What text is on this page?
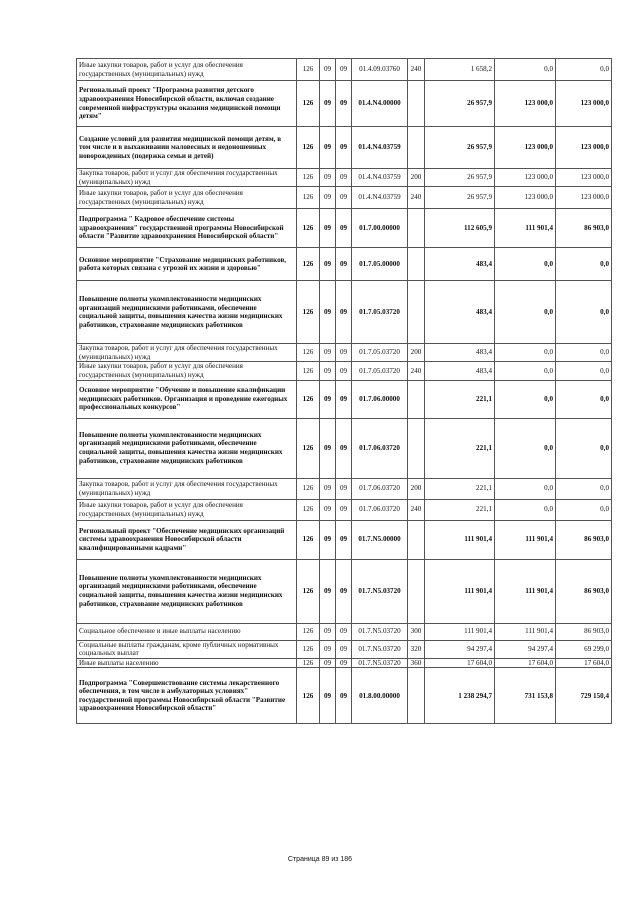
Иные закупки товаров, работ и услуг для обеспечения государственных (муниципальных) нужд	126	09	09	01.4.09.03760	240	1 658,2	0,0	0,0
Региональный проект "Программа развития детского здравоохранения Новосибирской области, включая создание современной инфраструктуры оказания медицинской помощи детям"	126	09	09	01.4.N4.00000		26 957,9	123 000,0	123 000,0
Создание условий для развития медицинской помощи детям, в том числе и в выхаживании маловесных и недоношенных новорожденных (подержка семьи и детей)	126	09	09	01.4.N4.03759		26 957,9	123 000,0	123 000,0
Закупка товаров, работ и услуг для обеспечения государственных (муниципальных) нужд	126	09	09	01.4.N4.03759	200	26 957,9	123 000,0	123 000,0
Иные закупки товаров, работ и услуг для обеспечения государственных (муниципальных) нужд	126	09	09	01.4.N4.03759	240	26 957,9	123 000,0	123 000,0
Подпрограмма " Кадровое обеспечение системы здравоохранения" государственной программы Новосибирской области "Развитие здравоохранения Новосибирской области"	126	09	09	01.7.00.00000		112 605,9	111 901,4	86 903,0
Основное мероприятие "Страхование медицинских работников, работа которых связана с угрозой их жизни и здоровью"	126	09	09	01.7.05.00000		483,4	0,0	0,0
Повышение полноты укомплектованности медицинских организаций медицинскими работниками, обеспечение социальной защиты, повышения качества жизни медицинских работников, страхование медицинских работников	126	09	09	01.7.05.03720		483,4	0,0	0,0
Закупка товаров, работ и услуг для обеспечения государственных (муниципальных) нужд	126	09	09	01.7.05.03720	200	483,4	0,0	0,0
Иные закупки товаров, работ и услуг для обеспечения государственных (муниципальных) нужд	126	09	09	01.7.05.03720	240	483,4	0,0	0,0
Основное мероприятие "Обучение и повышение квалификации медицинских работников. Организация и проведение ежегодных профессиональных конкурсов"	126	09	09	01.7.06.00000		221,1	0,0	0,0
Повышение полноты укомплектованности медицинских организаций медицинскими работниками, обеспечение социальной защиты, повышения качества жизни медицинских работников, страхование медицинских работников	126	09	09	01.7.06.03720		221,1	0,0	0,0
Закупка товаров, работ и услуг для обеспечения государственных (муниципальных) нужд	126	09	09	01.7.06.03720	200	221,1	0,0	0,0
Иные закупки товаров, работ и услуг для обеспечения государственных (муниципальных) нужд	126	09	09	01.7.06.03720	240	221,1	0,0	0,0
Региональный проект "Обеспечение медицинских организаций системы здравоохранения Новосибирской области квалифицированными кадрами"	126	09	09	01.7.N5.00000		111 901,4	111 901,4	86 903,0
Повышение полноты укомплектованности медицинских организаций медицинскими работниками, обеспечение социальной защиты, повышения качества жизни медицинских работников, страхование медицинских работников	126	09	09	01.7.N5.03720		111 901,4	111 901,4	86 903,0
Социальное обеспечение и иные выплаты населению	126	09	09	01.7.N5.03720	300	111 901,4	111 901,4	86 903,0
Социальные выплаты гражданам, кроме публичных нормативных социальных выплат	126	09	09	01.7.N5.03720	320	94 297,4	94 297,4	69 299,0
Иные выплаты населению	126	09	09	01.7.N5.03720	360	17 604,0	17 604,0	17 604,0
Подпрограмма "Совершенствование системы лекарственного обеспечения, в том числе в амбулаторных условиях" государственной программы Новосибирской области "Развитие здравоохранения Новосибирской области"	126	09	09	01.8.00.00000		1 238 294,7	731 153,8	729 150,4
Страница 89 из 186
